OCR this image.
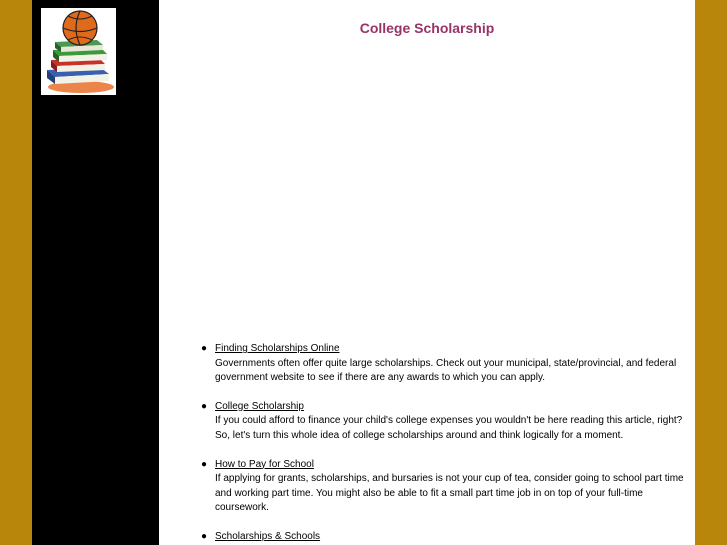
College Scholarship
● Finding Scholarships Online
Governments often offer quite large scholarships. Check out your municipal, state/provincial, and federal government website to see if there are any awards to which you can apply.
● College Scholarship
If you could afford to finance your child's college expenses you wouldn't be here reading this article, right? So, let's turn this whole idea of college scholarships around and think logically for a moment.
● How to Pay for School
If applying for grants, scholarships, and bursaries is not your cup of tea, consider going to school part time and working part time. You might also be able to fit a small part time job in on top of your full-time coursework.
● Scholarships & Schools
